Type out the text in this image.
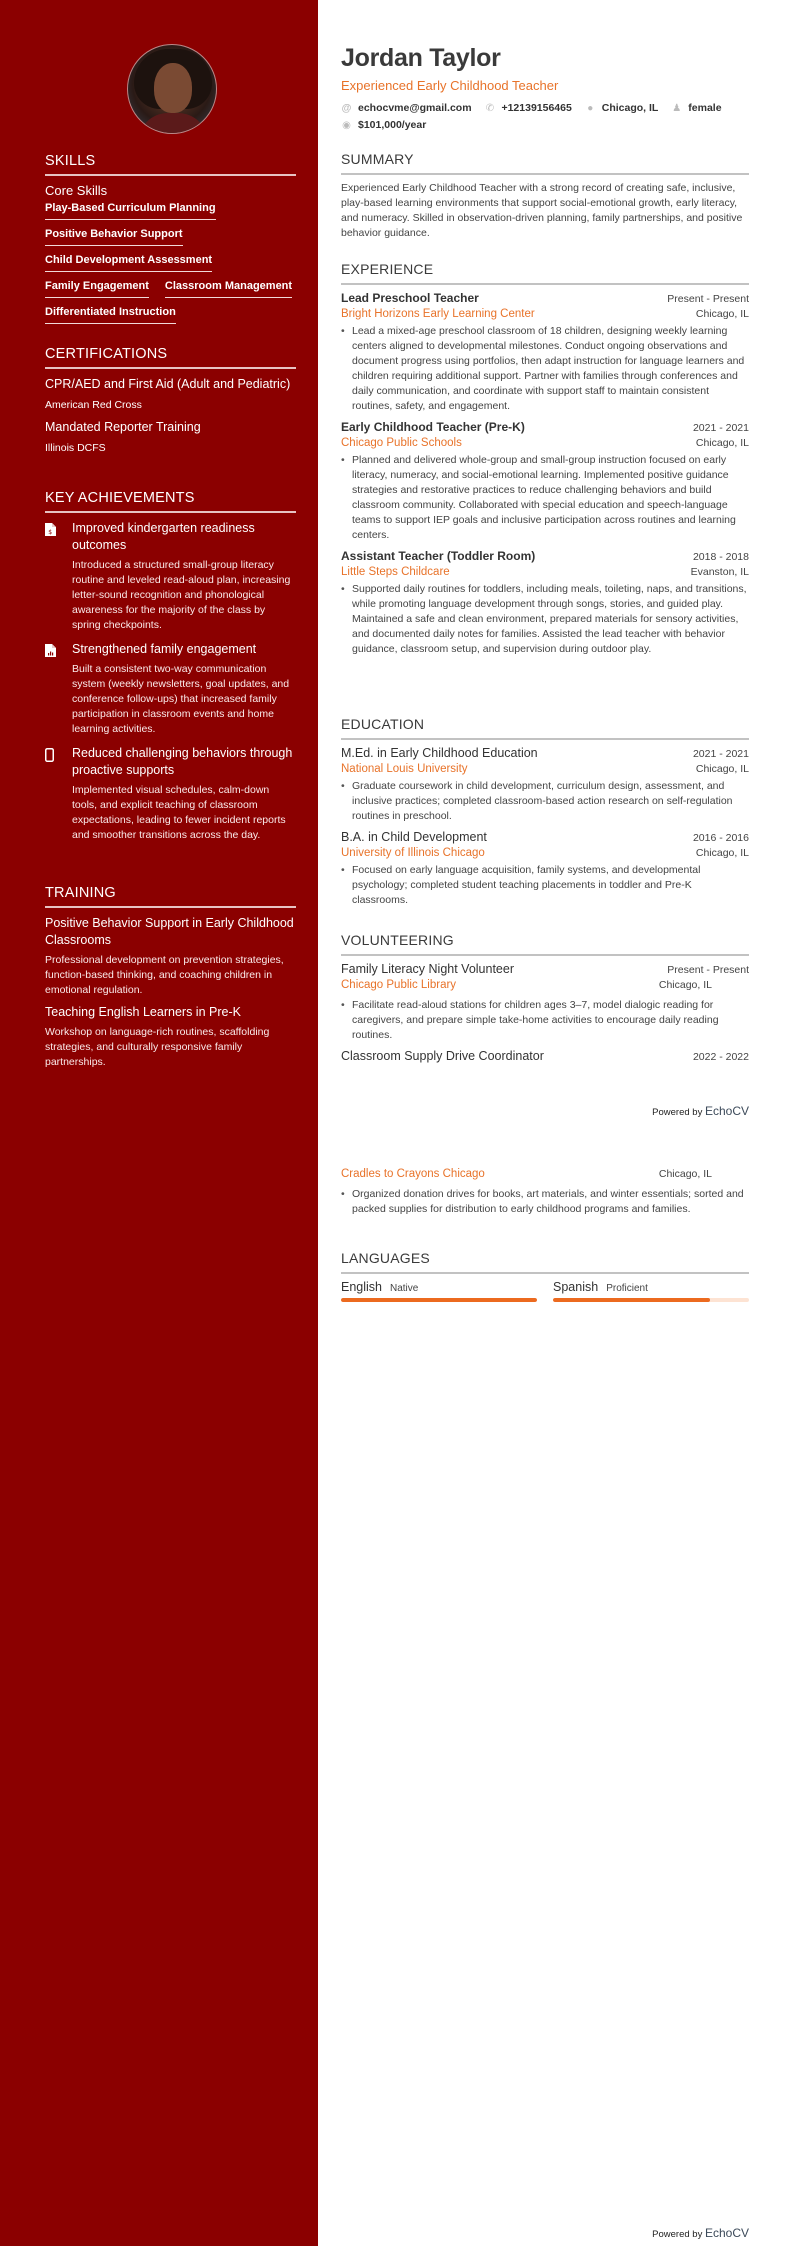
SKILLS
Core Skills
Play-Based Curriculum Planning
Positive Behavior Support
Child Development Assessment
Family Engagement Classroom Management
Differentiated Instruction
CERTIFICATIONS
CPR/AED and First Aid (Adult and Pediatric)
American Red Cross
Mandated Reporter Training
Illinois DCFS
KEY ACHIEVEMENTS
$ Improved kindergarten readiness outcomes
Introduced a structured small-group literacy routine and leveled read-aloud plan, increasing letter-sound recognition and phonological awareness for the majority of the class by spring checkpoints.
Strengthened family engagement
Built a consistent two-way communication system (weekly newsletters, goal updates, and conference follow-ups) that increased family participation in classroom events and home learning activities.
Reduced challenging behaviors through proactive supports
Implemented visual schedules, calm-down tools, and explicit teaching of classroom expectations, leading to fewer incident reports and smoother transitions across the day.
TRAINING
Positive Behavior Support in Early Childhood Classrooms
Professional development on prevention strategies, function-based thinking, and coaching children in emotional regulation.
Teaching English Learners in Pre-K
Workshop on language-rich routines, scaffolding strategies, and culturally responsive family partnerships.
Jordan Taylor
Experienced Early Childhood Teacher
@ echocvme@gmail.com
✆ +12139156465
● Chicago, IL
♟ female

◉ $101,000/year
SUMMARY
Experienced Early Childhood Teacher with a strong record of creating safe, inclusive, play-based learning environments that support social-emotional growth, early literacy, and numeracy. Skilled in observation-driven planning, family partnerships, and positive behavior guidance.
EXPERIENCE
Lead Preschool Teacher	Present - Present
Bright Horizons Early Learning Center	Chicago, IL
• Lead a mixed-age preschool classroom of 18 children, designing weekly learning centers aligned to developmental milestones. Conduct ongoing observations and document progress using portfolios, then adapt instruction for language learners and children requiring additional support. Partner with families through conferences and daily communication, and coordinate with support staff to maintain consistent routines, safety, and engagement.
Early Childhood Teacher (Pre-K)	2021 - 2021
Chicago Public Schools	Chicago, IL
• Planned and delivered whole-group and small-group instruction focused on early literacy, numeracy, and social-emotional learning. Implemented positive guidance strategies and restorative practices to reduce challenging behaviors and build classroom community. Collaborated with special education and speech-language teams to support IEP goals and inclusive participation across routines and learning centers.
Assistant Teacher (Toddler Room)	2018 - 2018
Little Steps Childcare	Evanston, IL
• Supported daily routines for toddlers, including meals, toileting, naps, and transitions, while promoting language development through songs, stories, and guided play. Maintained a safe and clean environment, prepared materials for sensory activities, and documented daily notes for families. Assisted the lead teacher with behavior guidance, classroom setup, and supervision during outdoor play.
EDUCATION
M.Ed. in Early Childhood Education	2021 - 2021
National Louis University	Chicago, IL
• Graduate coursework in child development, curriculum design, assessment, and inclusive practices; completed classroom-based action research on self-regulation routines in preschool.
B.A. in Child Development	2016 - 2016
University of Illinois Chicago	Chicago, IL
• Focused on early language acquisition, family systems, and developmental psychology; completed student teaching placements in toddler and Pre-K classrooms.
VOLUNTEERING
Family Literacy Night Volunteer	Present - Present
Chicago Public Library	Chicago, IL
• Facilitate read-aloud stations for children ages 3–7, model dialogic reading for caregivers, and prepare simple take-home activities to encourage daily reading routines.
Classroom Supply Drive Coordinator	2022 - 2022
Powered by EchoCV
Cradles to Crayons Chicago	Chicago, IL
• Organized donation drives for books, art materials, and winter essentials; sorted and packed supplies for distribution to early childhood programs and families.
LANGUAGES
English Native	Spanish Proficient
Powered by EchoCV
